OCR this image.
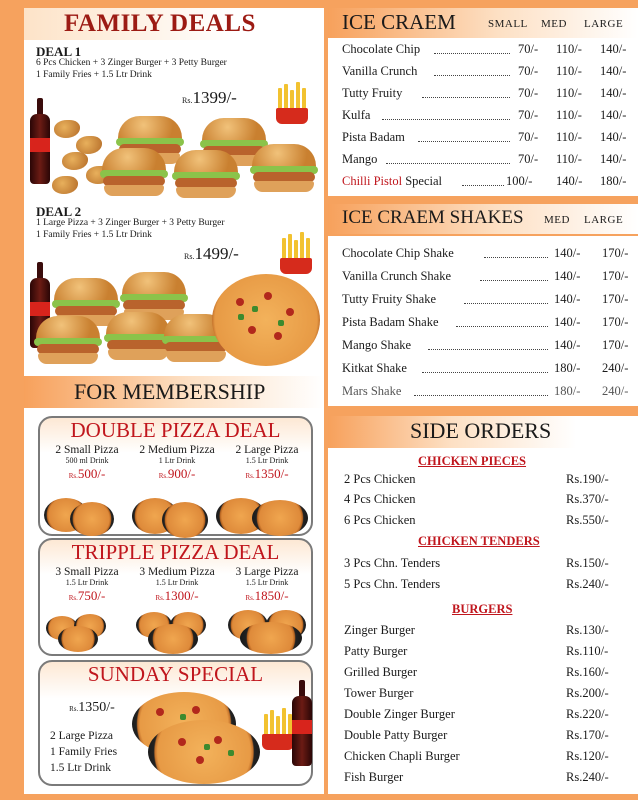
FAMILY DEALS
DEAL 1
6 Pcs Chicken + 3 Zinger Burger + 3 Petty Burger
1 Family Fries + 1.5 Ltr Drink
Rs.1399/-
DEAL 2
1 Large Pizza + 3 Zinger Burger + 3 Petty Burger
1 Family Fries + 1.5 Ltr Drink
Rs.1499/-
FOR MEMBERSHIP
DOUBLE PIZZA DEAL
2 Small Pizza
500 ml Drink
Rs.500/-
2 Medium Pizza
1 Ltr Drink
Rs.900/-
2 Large Pizza
1.5 Ltr Drink
Rs.1350/-
TRIPPLE PIZZA DEAL
3 Small Pizza
1.5 Ltr Drink
Rs.750/-
3 Medium Pizza
1.5 Ltr Drink
Rs.1300/-
3 Large Pizza
1.5 Ltr Drink
Rs.1850/-
SUNDAY SPECIAL
Rs.1350/-
2 Large Pizza
1 Family Fries
1.5 Ltr Drink
ICE CRAEM	SMALL MED LARGE
Chocolate Chip	70/- 110/- 140/-
Vanilla Crunch	70/- 110/- 140/-
Tutty Fruity	70/- 110/- 140/-
Kulfa	70/- 110/- 140/-
Pista Badam	70/- 110/- 140/-
Mango	70/- 110/- 140/-
Chilli Pistol Special	100/- 140/- 180/-
ICE CRAEM SHAKES MED LARGE
Chocolate Chip Shake	140/- 170/-
Vanilla Crunch Shake	140/- 170/-
Tutty Fruity Shake	140/- 170/-
Pista Badam Shake	140/- 170/-
Mango Shake	140/- 170/-
Kitkat Shake	180/- 240/-
Mars Shake	180/- 240/-
SIDE ORDERS
CHICKEN PIECES
2 Pcs Chicken	Rs.190/-
4 Pcs Chicken	Rs.370/-
6 Pcs Chicken	Rs.550/-
CHICKEN TENDERS
3 Pcs Chn. Tenders	Rs.150/-
5 Pcs Chn. Tenders	Rs.240/-
BURGERS
Zinger Burger	Rs.130/-
Patty Burger	Rs.110/-
Grilled Burger	Rs.160/-
Tower Burger	Rs.200/-
Double Zinger Burger	Rs.220/-
Double Patty Burger	Rs.170/-
Chicken Chapli Burger	Rs.120/-
Fish Burger	Rs.240/-
